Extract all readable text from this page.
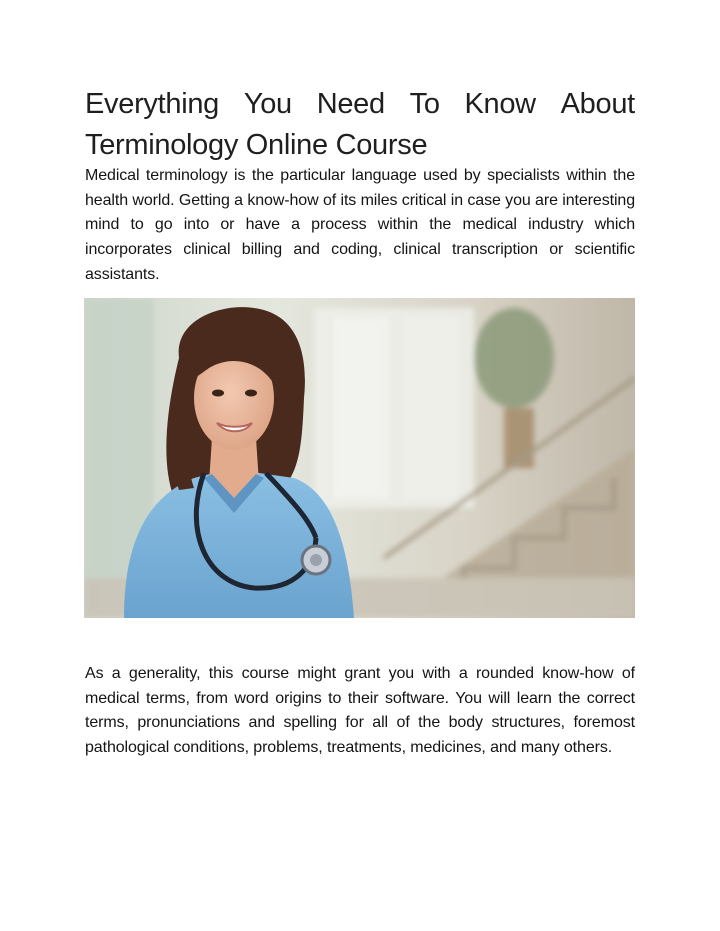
Everything You Need To Know About
Terminology Online Course

Medical terminology is the particular language used by specialists within the health world. Getting a know-how of its miles critical in case you are interesting mind to go into or have a process within the medical industry which incorporates clinical billing and coding, clinical transcription or scientific assistants.

As a generality, this course might grant you with a rounded know-how of medical terms, from word origins to their software. You will learn the correct terms, pronunciations and spelling for all of the body structures, foremost pathological conditions, problems, treatments, medicines, and many others.
